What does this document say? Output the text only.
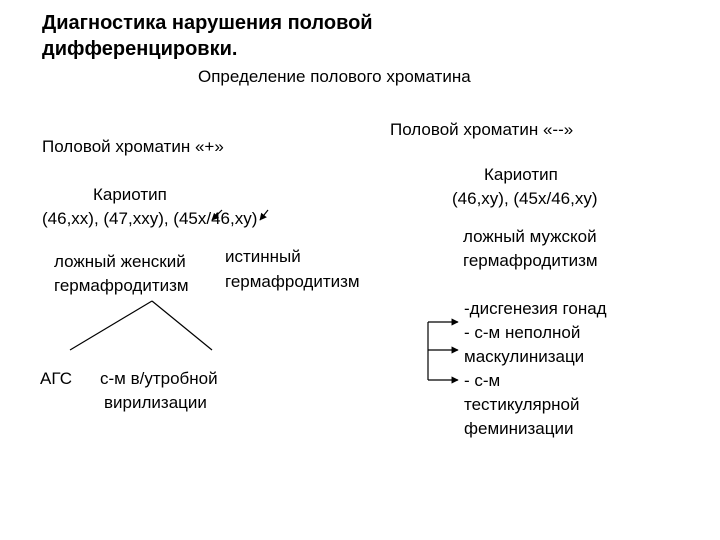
Диагностика нарушения половой
дифференцировки.
Определение полового хроматина
Половой хроматин «+»
Кариотип
(46,хх), (47,ххy), (45х/46,хy)
ложный женский
гермафродитизм
истинный
гермафродитизм
АГС с-м в/утробной
вирилизации
Половой хроматин «--»
Кариотип
(46,хy), (45х/46,хy)
ложный мужской
гермафродитизм
-дисгенезия гонад
- с-м неполной
маскулинизаци
- с-м
тестикулярной
феминизации
